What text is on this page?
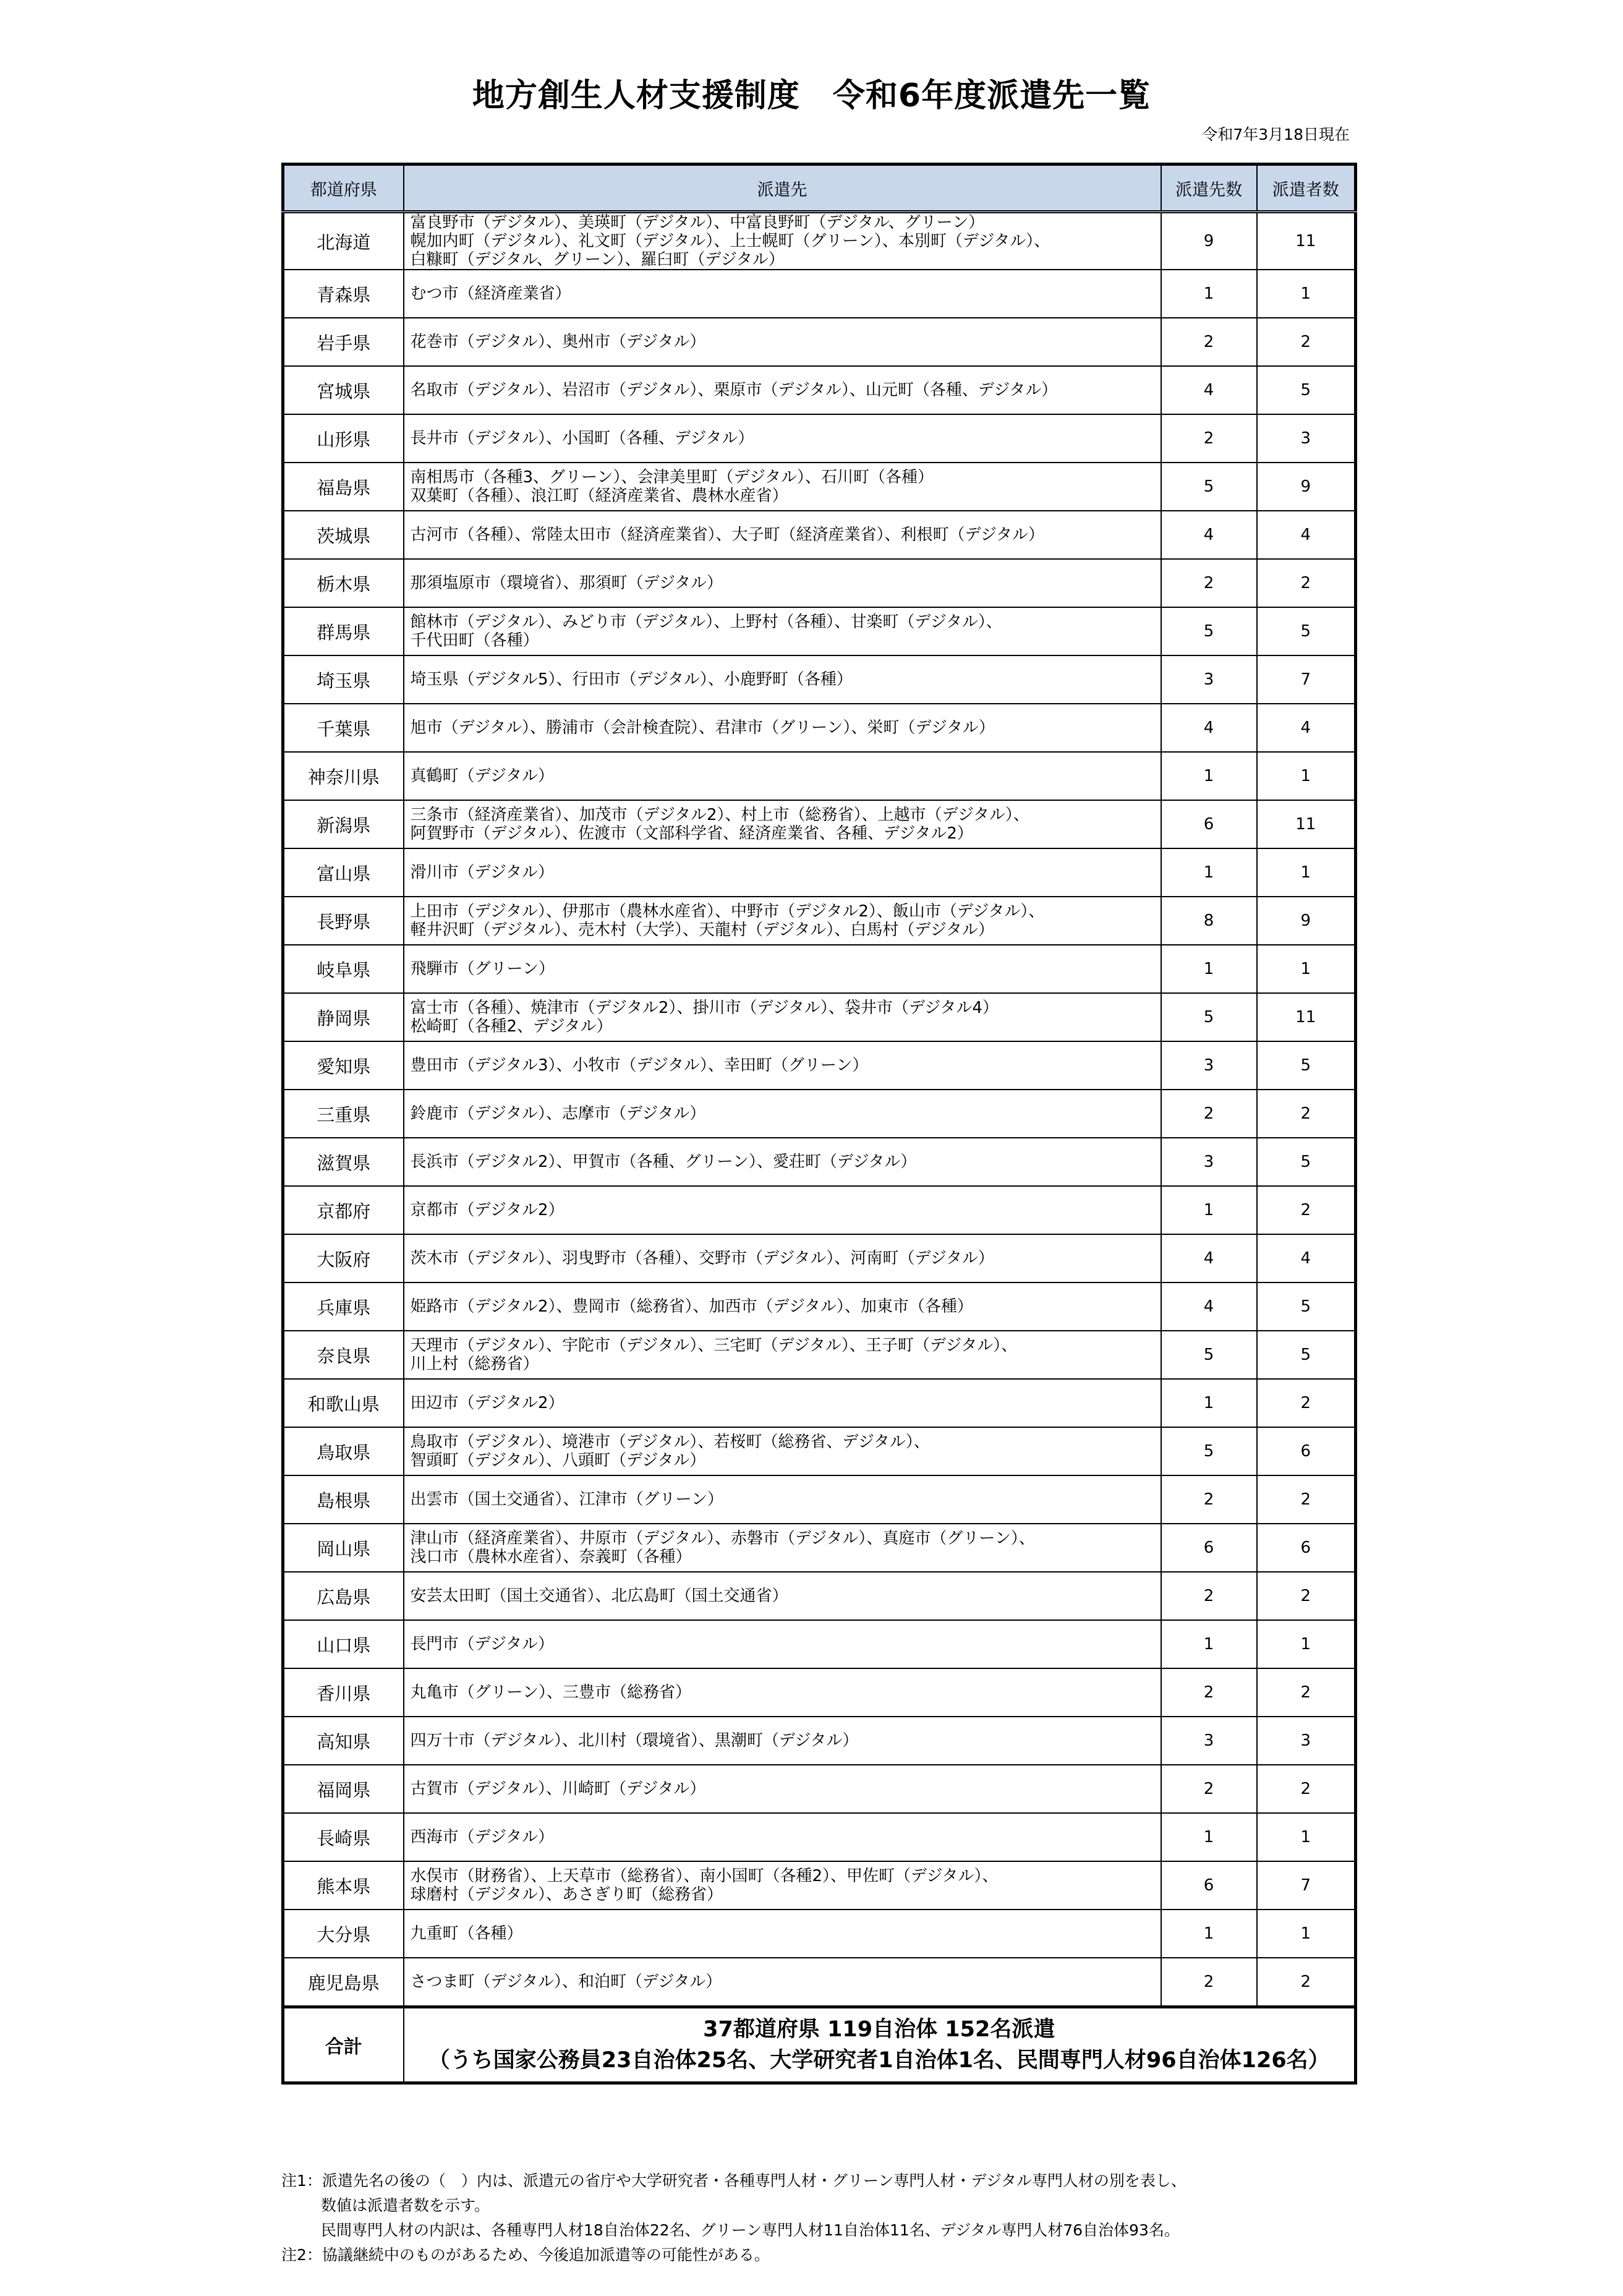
地方創生人材支援制度　令和6年度派遣先一覧
令和7年3月18日現在
都道府県	派遣先	派遣先数	派遣者数
北海道	富良野市（デジタル）、美瑛町（デジタル）、中富良野町（デジタル、グリーン）
幌加内町（デジタル）、礼文町（デジタル）、上士幌町（グリーン）、本別町（デジタル）、
白糠町（デジタル、グリーン）、羅臼町（デジタル）	9	11
青森県	むつ市（経済産業省）	1	1
岩手県	花巻市（デジタル）、奥州市（デジタル）	2	2
宮城県	名取市（デジタル）、岩沼市（デジタル）、栗原市（デジタル）、山元町（各種、デジタル）	4	5
山形県	長井市（デジタル）、小国町（各種、デジタル）	2	3
福島県	南相馬市（各種3、グリーン）、会津美里町（デジタル）、石川町（各種）
双葉町（各種）、浪江町（経済産業省、農林水産省）	5	9
茨城県	古河市（各種）、常陸太田市（経済産業省）、大子町（経済産業省）、利根町（デジタル）	4	4
栃木県	那須塩原市（環境省）、那須町（デジタル）	2	2
群馬県	館林市（デジタル）、みどり市（デジタル）、上野村（各種）、甘楽町（デジタル）、
千代田町（各種）	5	5
埼玉県	埼玉県（デジタル5）、行田市（デジタル）、小鹿野町（各種）	3	7
千葉県	旭市（デジタル）、勝浦市（会計検査院）、君津市（グリーン）、栄町（デジタル）	4	4
神奈川県	真鶴町（デジタル）	1	1
新潟県	三条市（経済産業省）、加茂市（デジタル2）、村上市（総務省）、上越市（デジタル）、
阿賀野市（デジタル）、佐渡市（文部科学省、経済産業省、各種、デジタル2）	6	11
富山県	滑川市（デジタル）	1	1
長野県	上田市（デジタル）、伊那市（農林水産省）、中野市（デジタル2）、飯山市（デジタル）、
軽井沢町（デジタル）、売木村（大学）、天龍村（デジタル）、白馬村（デジタル）	8	9
岐阜県	飛騨市（グリーン）	1	1
静岡県	富士市（各種）、焼津市（デジタル2）、掛川市（デジタル）、袋井市（デジタル4）
松崎町（各種2、デジタル）	5	11
愛知県	豊田市（デジタル3）、小牧市（デジタル）、幸田町（グリーン）	3	5
三重県	鈴鹿市（デジタル）、志摩市（デジタル）	2	2
滋賀県	長浜市（デジタル2）、甲賀市（各種、グリーン）、愛荘町（デジタル）	3	5
京都府	京都市（デジタル2）	1	2
大阪府	茨木市（デジタル）、羽曳野市（各種）、交野市（デジタル）、河南町（デジタル）	4	4
兵庫県	姫路市（デジタル2）、豊岡市（総務省）、加西市（デジタル）、加東市（各種）	4	5
奈良県	天理市（デジタル）、宇陀市（デジタル）、三宅町（デジタル）、王子町（デジタル）、
川上村（総務省）	5	5
和歌山県	田辺市（デジタル2）	1	2
鳥取県	鳥取市（デジタル）、境港市（デジタル）、若桜町（総務省、デジタル）、
智頭町（デジタル）、八頭町（デジタル）	5	6
島根県	出雲市（国土交通省）、江津市（グリーン）	2	2
岡山県	津山市（経済産業省）、井原市（デジタル）、赤磐市（デジタル）、真庭市（グリーン）、
浅口市（農林水産省）、奈義町（各種）	6	6
広島県	安芸太田町（国土交通省）、北広島町（国土交通省）	2	2
山口県	長門市（デジタル）	1	1
香川県	丸亀市（グリーン）、三豊市（総務省）	2	2
高知県	四万十市（デジタル）、北川村（環境省）、黒潮町（デジタル）	3	3
福岡県	古賀市（デジタル）、川崎町（デジタル）	2	2
長崎県	西海市（デジタル）	1	1
熊本県	水俣市（財務省）、上天草市（総務省）、南小国町（各種2）、甲佐町（デジタル）、
球磨村（デジタル）、あさぎり町（総務省）	6	7
大分県	九重町（各種）	1	1
鹿児島県	さつま町（デジタル）、和泊町（デジタル）	2	2
合計	37都道府県 119自治体 152名派遣
（うち国家公務員23自治体25名、大学研究者1自治体1名、民間専門人材96自治体126名）		
注1：派遣先名の後の（　）内は、派遣元の省庁や大学研究者・各種専門人材・グリーン専門人材・デジタル専門人材の別を表し、
数値は派遣者数を示す。
民間専門人材の内訳は、各種専門人材18自治体22名、グリーン専門人材11自治体11名、デジタル専門人材76自治体93名。
注2：協議継続中のものがあるため、今後追加派遣等の可能性がある。
